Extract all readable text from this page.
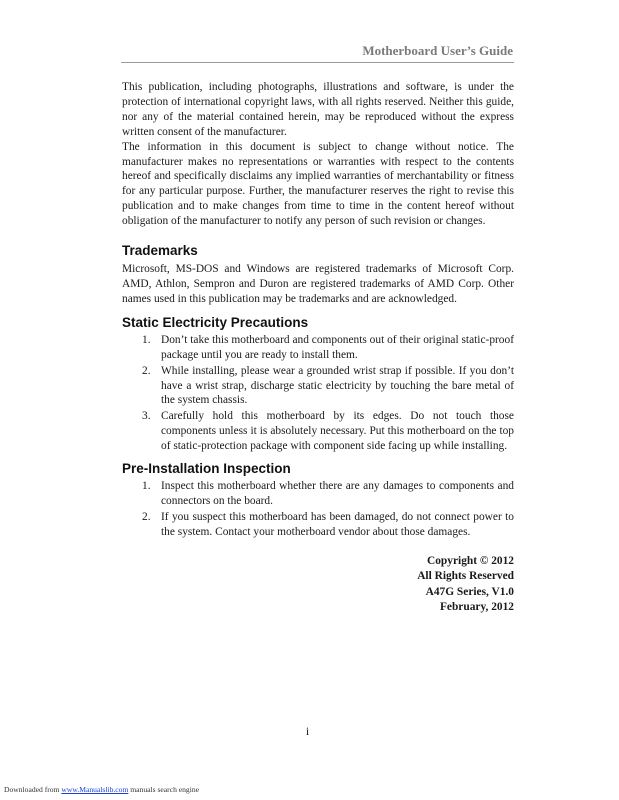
Motherboard User’s Guide

This publication, including photographs, illustrations and software, is under the protection of international copyright laws, with all rights reserved. Neither this guide, nor any of the material contained herein, may be reproduced without the express written consent of the manufacturer.

The information in this document is subject to change without notice. The manufacturer makes no representations or warranties with respect to the contents hereof and specifically disclaims any implied warranties of merchantability or fitness for any particular purpose. Further, the manufacturer reserves the right to revise this publication and to make changes from time to time in the content hereof without obligation of the manufacturer to notify any person of such revision or changes.

Trademarks

Microsoft, MS-DOS and Windows are registered trademarks of Microsoft Corp. AMD, Athlon, Sempron and Duron are registered trademarks of AMD Corp. Other names used in this publication may be trademarks and are acknowledged.

Static Electricity Precautions
1. Don’t take this motherboard and components out of their original static-proof package until you are ready to install them.
2. While installing, please wear a grounded wrist strap if possible. If you don’t have a wrist strap, discharge static electricity by touching the bare metal of the system chassis.
3. Carefully hold this motherboard by its edges. Do not touch those components unless it is absolutely necessary. Put this motherboard on the top of static-protection package with component side facing up while installing.
Pre-Installation Inspection
1. Inspect this motherboard whether there are any damages to components and connectors on the board.
2. If you suspect this motherboard has been damaged, do not connect power to the system. Contact your motherboard vendor about those damages.
Copyright © 2012
All Rights Reserved
A47G Series, V1.0
February, 2012
i
Downloaded from www.Manualslib.com manuals search engine
